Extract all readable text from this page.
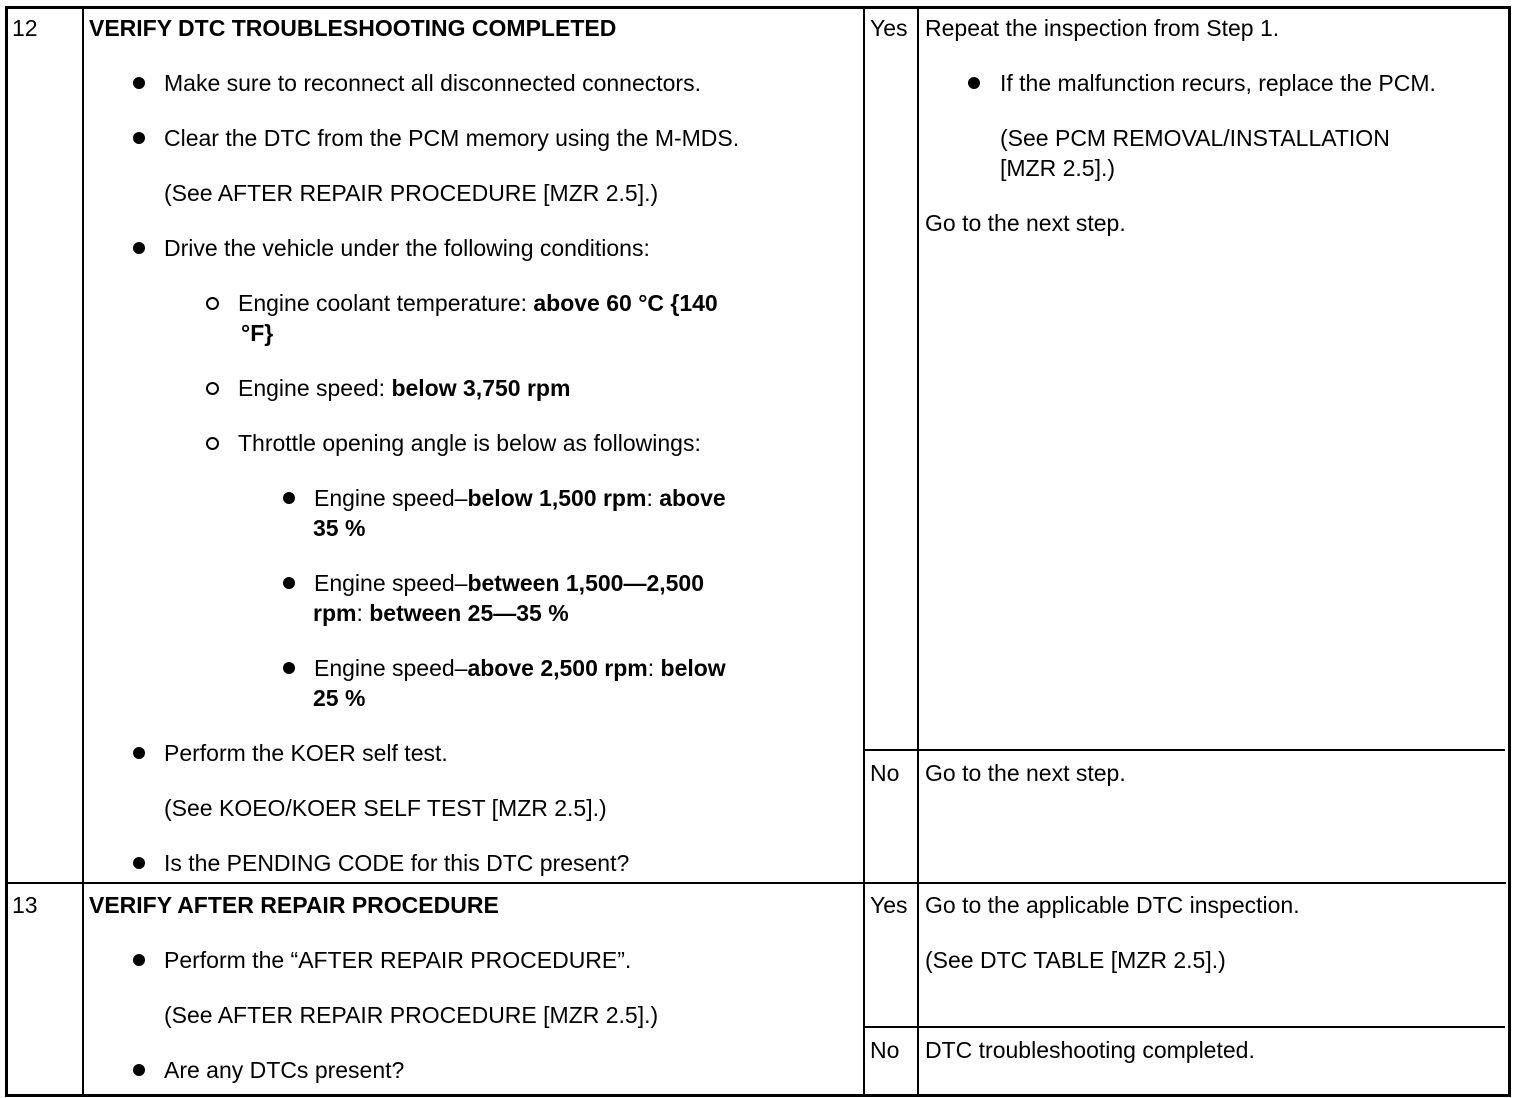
12 VERIFY DTC TROUBLESHOOTING COMPLETED
Make sure to reconnect all disconnected connectors.
Clear the DTC from the PCM memory using the M-MDS.
(See AFTER REPAIR PROCEDURE [MZR 2.5].)
Drive the vehicle under the following conditions:
Engine coolant temperature: above 60 °C {140
°F}
Engine speed: below 3,750 rpm
Throttle opening angle is below as followings:
Engine speed–below 1,500 rpm: above
35 %
Engine speed–between 1,500—2,500
rpm: between 25—35 %
Engine speed–above 2,500 rpm: below
25 %
Perform the KOER self test.
(See KOEO/KOER SELF TEST [MZR 2.5].)
Is the PENDING CODE for this DTC present?
Yes Repeat the inspection from Step 1.
If the malfunction recurs, replace the PCM.
(See PCM REMOVAL/INSTALLATION
[MZR 2.5].)
Go to the next step.
No Go to the next step.
13 VERIFY AFTER REPAIR PROCEDURE
Perform the “AFTER REPAIR PROCEDURE”.
(See AFTER REPAIR PROCEDURE [MZR 2.5].)
Are any DTCs present?
Yes Go to the applicable DTC inspection.
(See DTC TABLE [MZR 2.5].)
No DTC troubleshooting completed.
